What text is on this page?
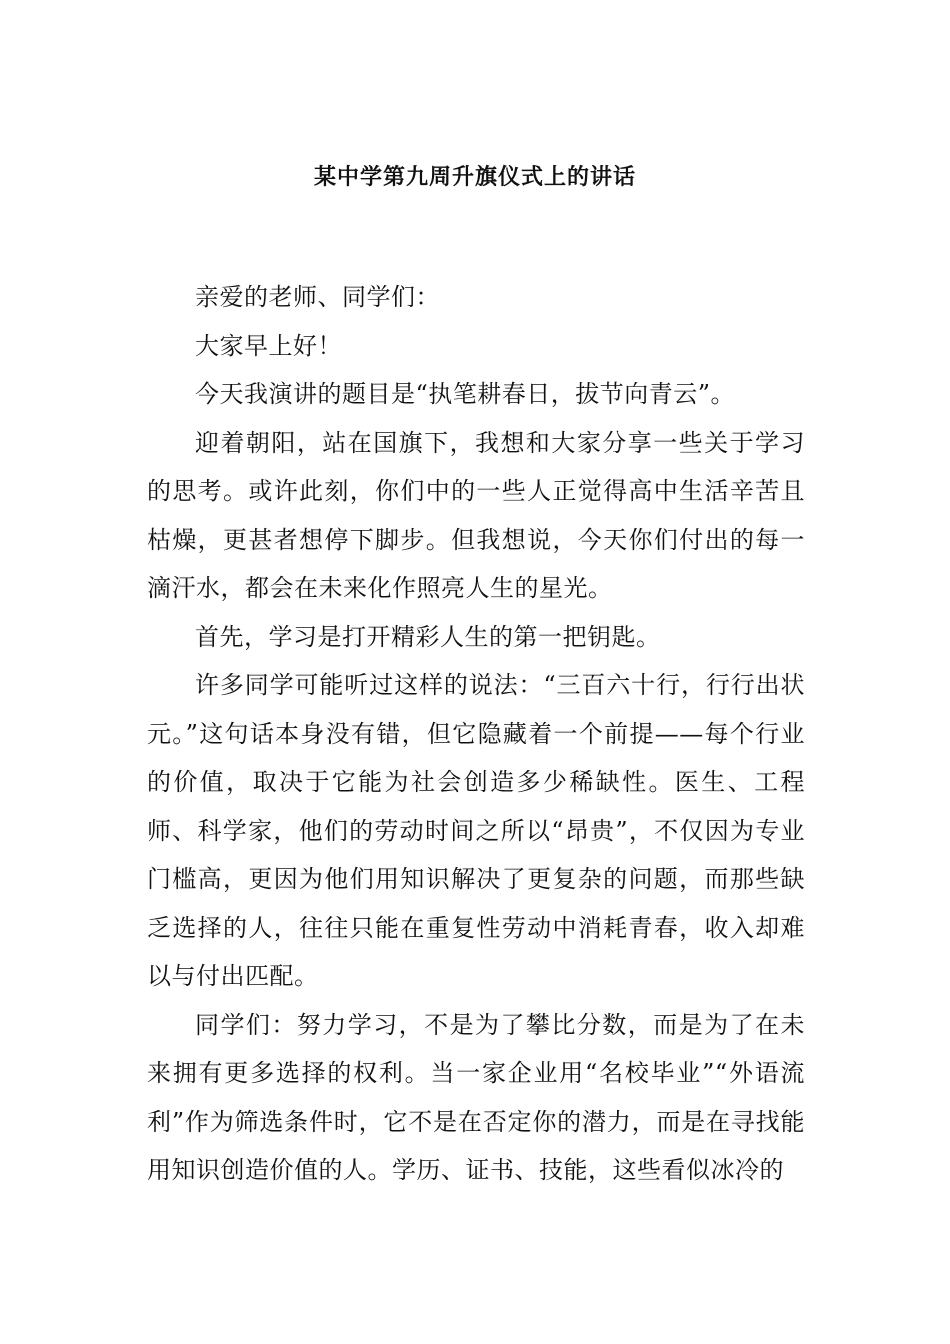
某中学第九周升旗仪式上的讲话

亲爱的老师、同学们：

大家早上好！

今天我演讲的题目是“执笔耕春日，拔节向青云”。

迎着朝阳，站在国旗下，我想和大家分享一些关于学习的思考。或许此刻，你们中的一些人正觉得高中生活辛苦且枯燥，更甚者想停下脚步。但我想说，今天你们付出的每一滴汗水，都会在未来化作照亮人生的星光。

首先，学习是打开精彩人生的第一把钥匙。

许多同学可能听过这样的说法：“三百六十行，行行出状元。”这句话本身没有错，但它隐藏着一个前提——每个行业的价值，取决于它能为社会创造多少稀缺性。医生、工程师、科学家，他们的劳动时间之所以“昂贵”，不仅因为专业门槛高，更因为他们用知识解决了更复杂的问题，而那些缺乏选择的人，往往只能在重复性劳动中消耗青春，收入却难以与付出匹配。

同学们：努力学习，不是为了攀比分数，而是为了在未来拥有更多选择的权利。当一家企业用“名校毕业”“外语流利”作为筛选条件时，它不是在否定你的潜力，而是在寻找能用知识创造价值的人。学历、证书、技能，这些看似冰冷的
